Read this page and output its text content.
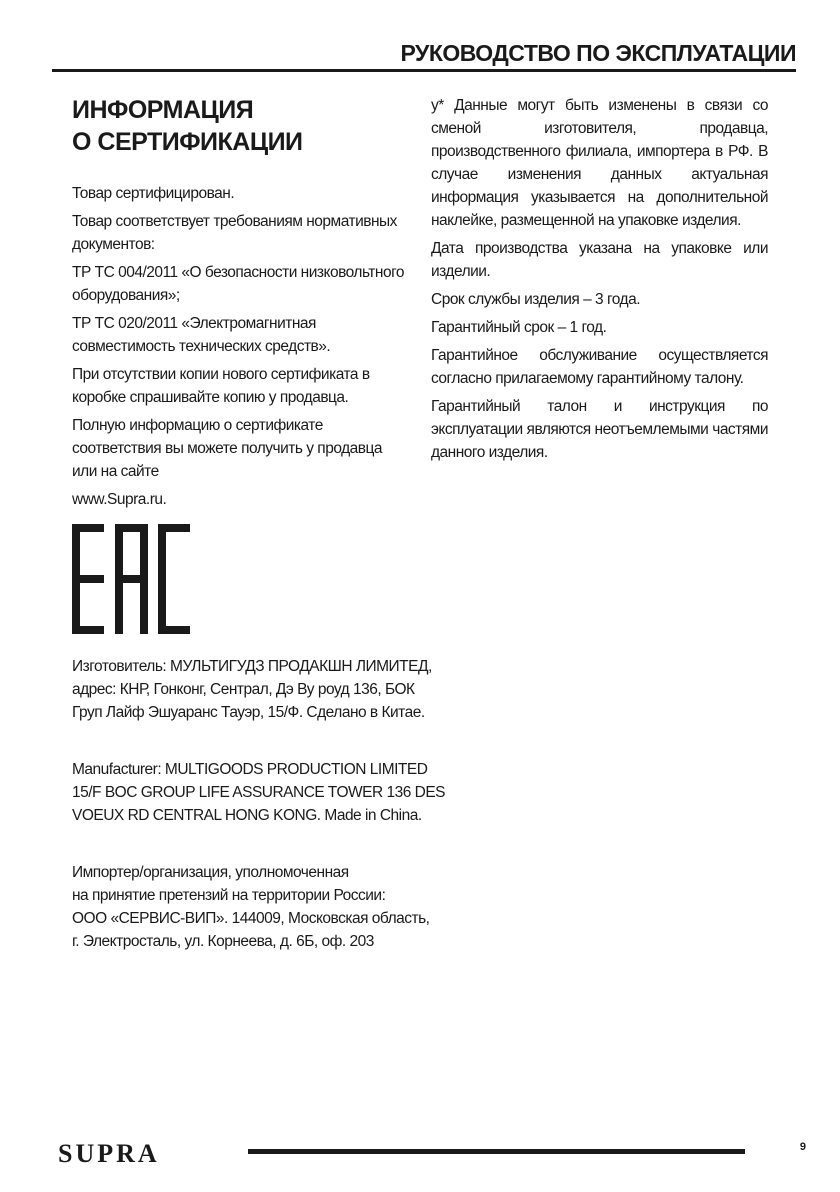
РУКОВОДСТВО ПО ЭКСПЛУАТАЦИИ
ИНФОРМАЦИЯ
О СЕРТИФИКАЦИИ

Товар сертифицирован.

Товар соответствует требованиям нормативных документов:

ТР ТС 004/2011 «О безопасности низковольтного оборудования»;

ТР ТС 020/2011 «Электромагнитная совместимость технических средств».

При отсутствии копии нового сертификата в коробке спрашивайте копию у продавца.

Полную информацию о сертификате соответствия вы можете получить у продавца или на сайте

www.Supra.ru.

Изготовитель: МУЛЬТИГУДЗ ПРОДАКШН ЛИМИТЕД,
адрес: КНР, Гонконг, Сентрал, Дэ Ву роуд 136, БОК
Груп Лайф Эшуаранс Тауэр, 15/Ф. Сделано в Китае.
Manufacturer: MULTIGOODS PRODUCTION LIMITED
15/F BOC GROUP LIFE ASSURANCE TOWER 136 DES
VOEUX RD CENTRAL HONG KONG. Made in China.
Импортер/организация, уполномоченная
на принятие претензий на территории России:
ООО «СЕРВИС-ВИП». 144009, Московская область,
г. Электросталь, ул. Корнеева, д. 6Б, оф. 203

у* Данные могут быть изменены в связи со сменой изготовителя, продавца, производственного филиала, импортера в РФ. В случае изменения данных актуальная информация указывается на дополнительной наклейке, размещенной на упаковке изделия.

Дата производства указана на упаковке или изделии.

Срок службы изделия – 3 года.

Гарантийный срок – 1 год.

Гарантийное обслуживание осуществляется согласно прилагаемому гарантийному талону.

Гарантийный талон и инструкция по эксплуатации являются неотъемлемыми частями данного изделия.

SUPRA	9
